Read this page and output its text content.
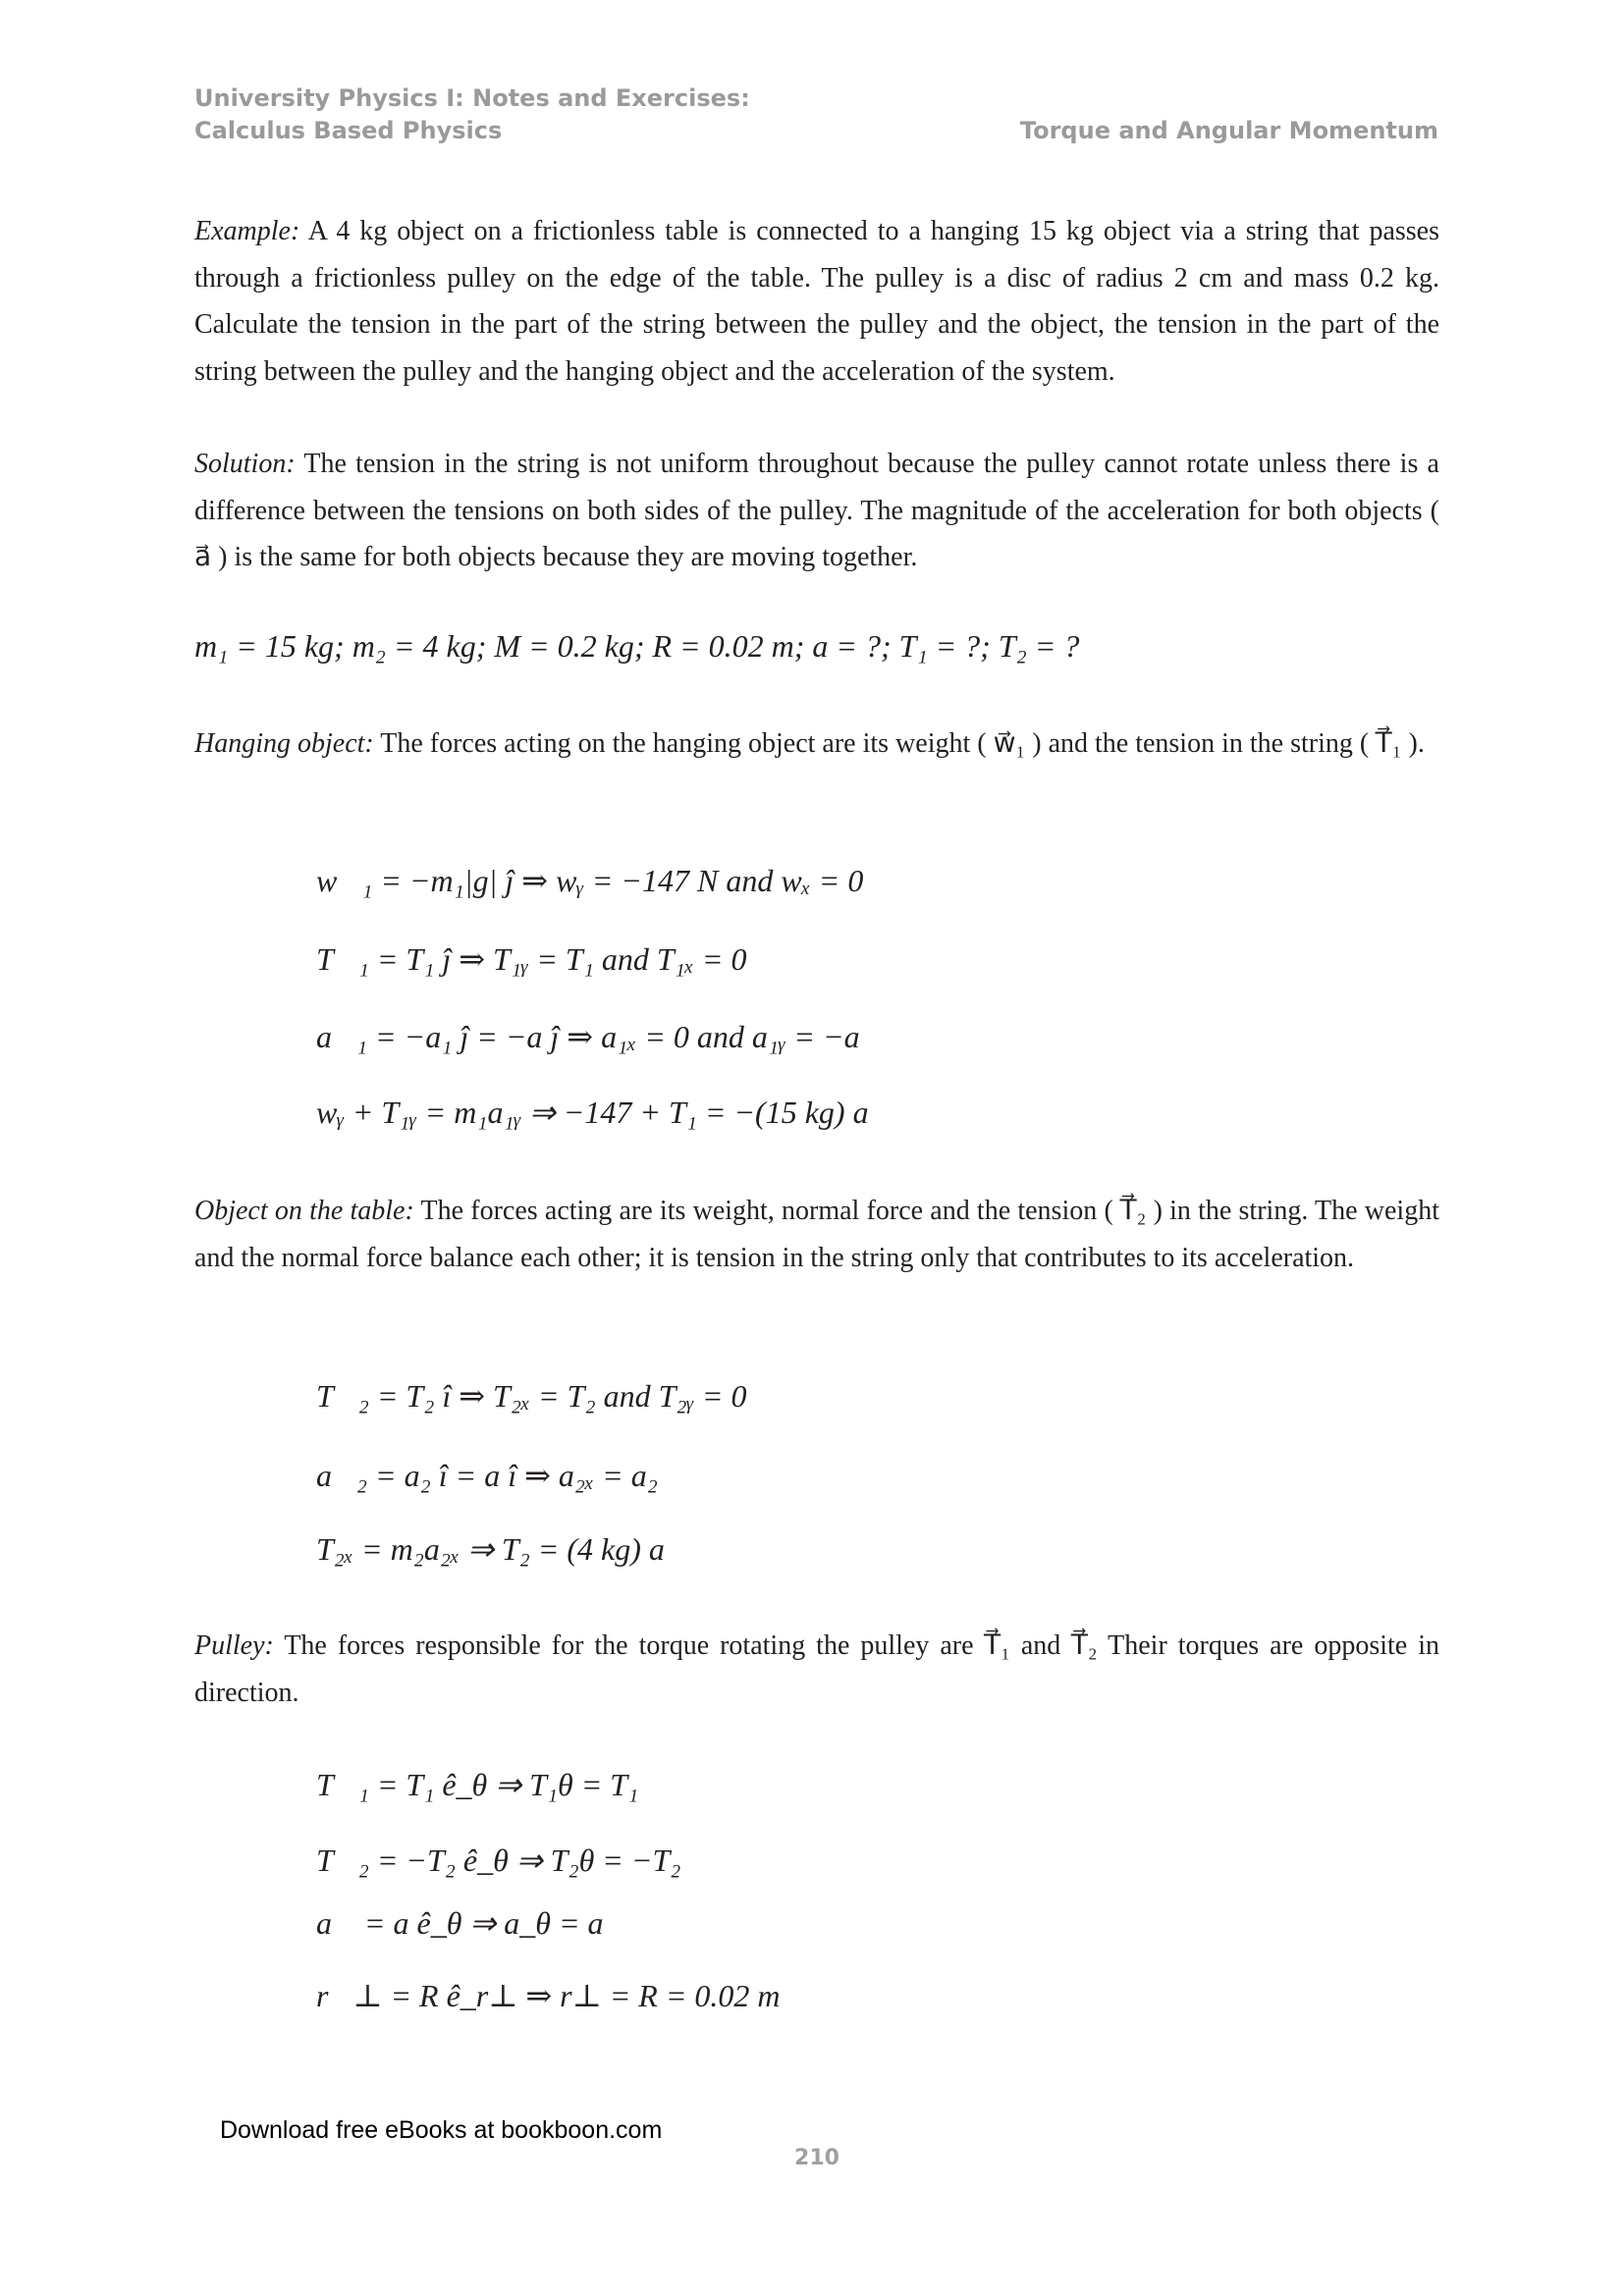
University Physics I: Notes and Exercises:
Calculus Based Physics	Torque and Angular Momentum
Example: A 4 kg object on a frictionless table is connected to a hanging 15 kg object via a string that passes through a frictionless pulley on the edge of the table. The pulley is a disc of radius 2 cm and mass 0.2 kg. Calculate the tension in the part of the string between the pulley and the object, the tension in the part of the string between the pulley and the hanging object and the acceleration of the system.
Solution: The tension in the string is not uniform throughout because the pulley cannot rotate unless there is a difference between the tensions on both sides of the pulley. The magnitude of the acceleration for both objects ( a⃗ ) is the same for both objects because they are moving together.
m₁ = 15 kg; m₂ = 4 kg; M = 0.2 kg; R = 0.02 m; a = ?; T₁ = ?; T₂ = ?
Hanging object: The forces acting on the hanging object are its weight ( w⃗₁ ) and the tension in the string ( T⃗₁ ).
w⃗₁ = −m₁|g| ĵ ⇒ wᵧ = −147 N and wₓ = 0
T⃗₁ = T₁ ĵ ⇒ T₁ᵧ = T₁ and T₁ₓ = 0
a⃗₁ = −a₁ ĵ = −a ĵ ⇒ a₁ₓ = 0 and a₁ᵧ = −a
wᵧ + T₁ᵧ = m₁a₁ᵧ ⇒ −147 + T₁ = −(15 kg) a
Object on the table: The forces acting are its weight, normal force and the tension ( T⃗₂ ) in the string. The weight and the normal force balance each other; it is tension in the string only that contributes to its acceleration.
T⃗₂ = T₂ î ⇒ T₂ₓ = T₂ and T₂ᵧ = 0
a⃗₂ = a₂ î = a î ⇒ a₂ₓ = a₂
T₂ₓ = m₂a₂ₓ ⇒ T₂ = (4 kg) a
Pulley: The forces responsible for the torque rotating the pulley are T⃗₁ and T⃗₂ Their torques are opposite in direction.
T⃗₁ = T₁ ê_θ ⇒ T₁θ = T₁
T⃗₂ = −T₂ ê_θ ⇒ T₂θ = −T₂
a⃗ = a ê_θ ⇒ a_θ = a
r⃗⊥ = R ê_r⊥ ⇒ r⊥ = R = 0.02 m
Download free eBooks at bookboon.com
210
